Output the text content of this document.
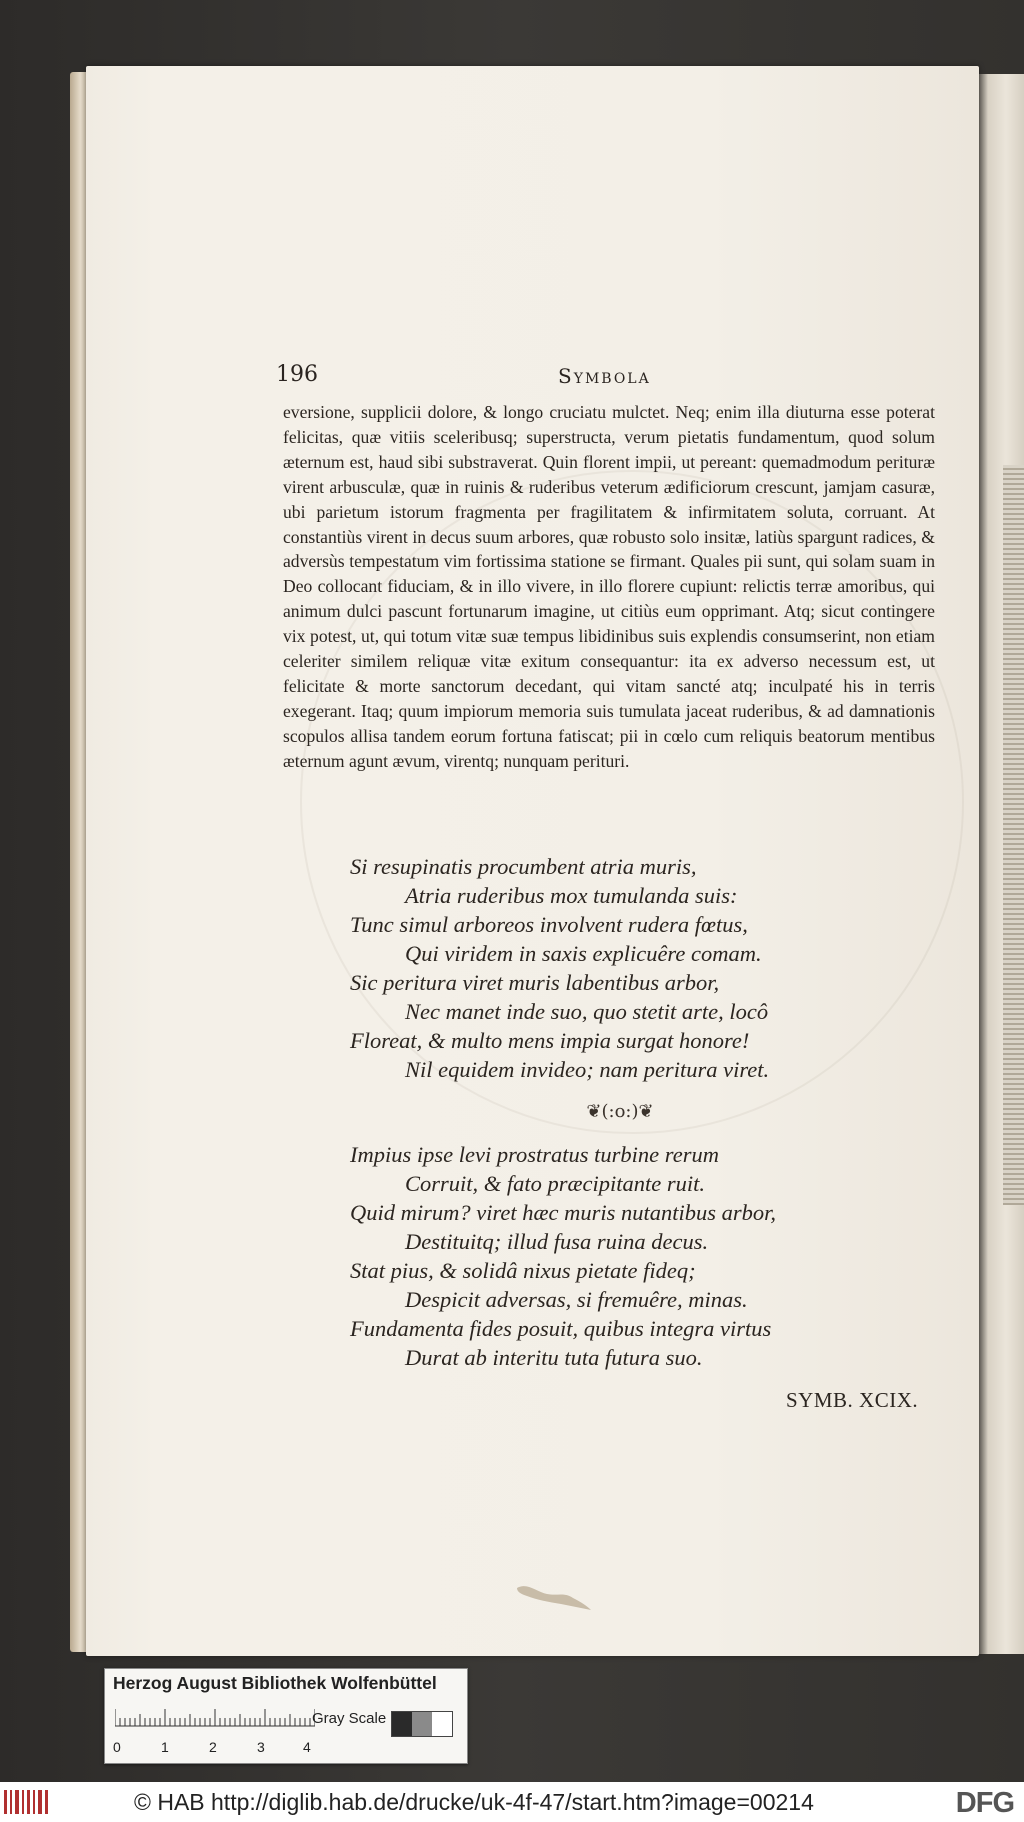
196	Symbola
eversione, supplicii dolore, & longo cruciatu mulctet. Neq; enim illa diuturna esse poterat felicitas, quæ vitiis sceleribusq; superstructa, verum pietatis fundamentum, quod solum æternum est, haud sibi substraverat. Quin florent impii, ut pereant: quemadmodum perituræ virent arbusculæ, quæ in ruinis & ruderibus veterum ædificiorum crescunt, jamjam casuræ, ubi parietum istorum fragmenta per fragilitatem & infirmitatem soluta, corruant. At constantiùs virent in decus suum arbores, quæ robusto solo insitæ, latiùs spargunt radices, & adversùs tempestatum vim fortissima statione se firmant. Quales pii sunt, qui solam suam in Deo collocant fiduciam, & in illo vivere, in illo florere cupiunt: relictis terræ amoribus, qui animum dulci pascunt fortunarum imagine, ut citiùs eum opprimant. Atq; sicut contingere vix potest, ut, qui totum vitæ suæ tempus libidinibus suis explendis consumserint, non etiam celeriter similem reliquæ vitæ exitum consequantur: ita ex adverso necessum est, ut felicitate & morte sanctorum decedant, qui vitam sancté atq; inculpaté his in terris exegerant. Itaq; quum impiorum memoria suis tumulata jaceat ruderibus, & ad damnationis scopulos allisa tandem eorum fortuna fatiscat; pii in cœlo cum reliquis beatorum mentibus æternum agunt ævum, virentq; nunquam perituri.
Si resupinatis procumbent atria muris,
Atria ruderibus mox tumulanda suis:
Tunc simul arboreos involvent rudera fœtus,
Qui viridem in saxis explicuêre comam.
Sic peritura viret muris labentibus arbor,
Nec manet inde suo, quo stetit arte, locô
Floreat, & multo mens impia surgat honore!
Nil equidem invideo; nam peritura viret.
❦(:o:)❦
Impius ipse levi prostratus turbine rerum
Corruit, & fato præcipitante ruit.
Quid mirum? viret hæc muris nutantibus arbor,
Destituitq; illud fusa ruina decus.
Stat pius, & solidâ nixus pietate fideq;
Despicit adversas, si fremuêre, minas.
Fundamenta fides posuit, quibus integra virtus
Durat ab interitu tuta futura suo.
SYMB. XCIX.
Herzog August Bibliothek Wolfenbüttel
0	1	2	3	4
Gray Scale
© HAB http://diglib.hab.de/drucke/uk-4f-47/start.htm?image=00214	DFG
